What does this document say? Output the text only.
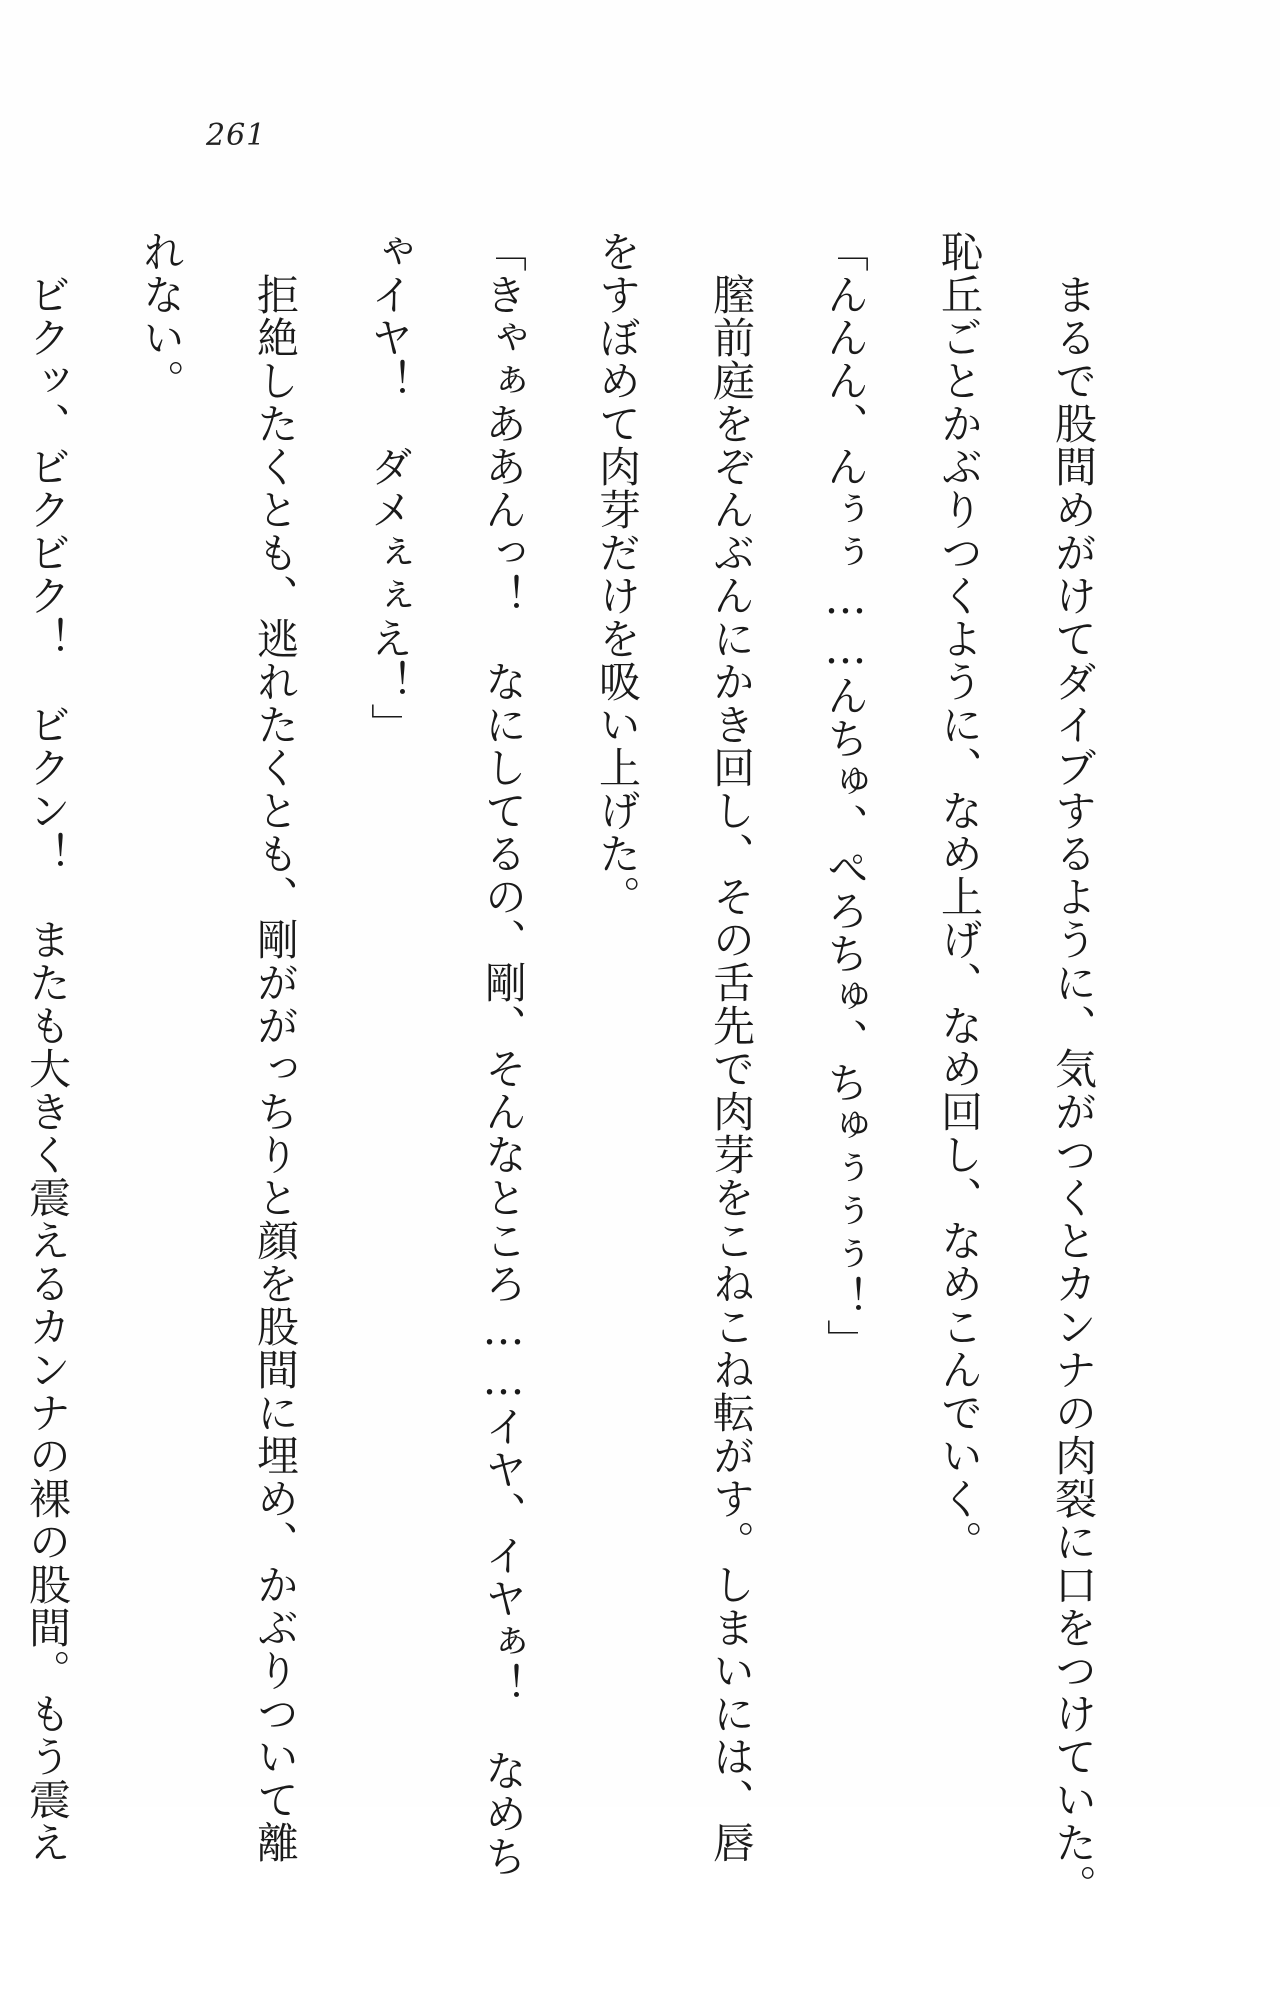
261
　まるで股間めがけてダイブするように、気がつくとカンナの肉裂に口をつけていた。
恥丘ごとかぶりつくように、なめ上げ、なめ回し、なめこんでいく。
「んんん、んぅぅ……んちゅ、ぺろちゅ、ちゅぅぅぅ！」
　膣前庭をぞんぶんにかき回し、その舌先で肉芽をこねこね転がす。しまいには、唇
をすぼめて肉芽だけを吸い上げた。
「きゃぁああんっ！　なにしてるの、剛、そんなところ……イヤ、イヤぁ！　なめち
ゃイヤ！　ダメぇぇえ！」
　拒絶したくとも、逃れたくとも、剛ががっちりと顔を股間に埋め、かぶりついて離
れない。
　ビクッ、ビクビク！　ビクン！　またも大きく震えるカンナの裸の股間。もう震え
